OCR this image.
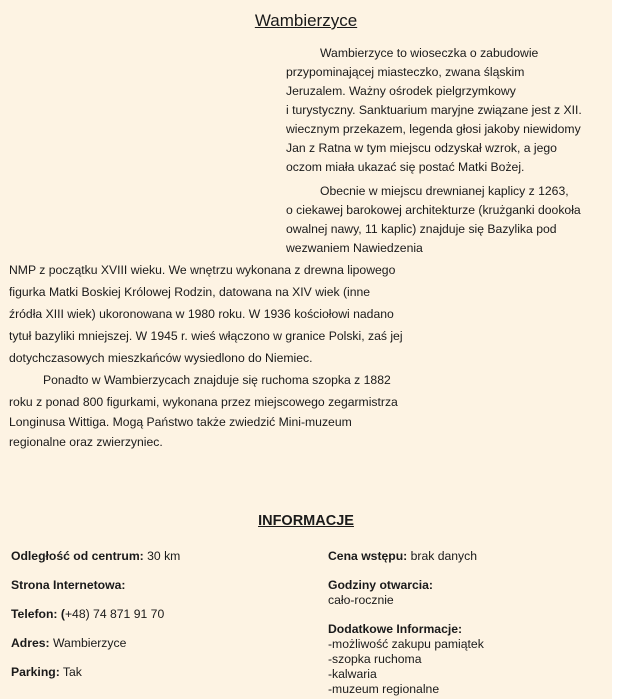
Wambierzyce
Wambierzyce to wioseczka o zabudowie
przypominającej miasteczko, zwana śląskim
Jeruzalem. Ważny ośrodek pielgrzymkowy
i turystyczny. Sanktuarium maryjne związane jest z XII.
wiecznym przekazem, legenda głosi jakoby niewidomy
Jan z Ratna w tym miejscu odzyskał wzrok, a jego
oczom miała ukazać się postać Matki Bożej.
Obecnie w miejscu drewnianej kaplicy z 1263,
o ciekawej barokowej architekturze (krużganki dookoła
owalnej nawy, 11 kaplic) znajduje się Bazylika pod
wezwaniem Nawiedzenia
NMP z początku XVIII wieku. We wnętrzu wykonana z drewna lipowego
figurka Matki Boskiej Królowej Rodzin, datowana na XIV wiek (inne
źródła XIII wiek) ukoronowana w 1980 roku. W 1936 kościołowi nadano
tytuł bazyliki mniejszej. W 1945 r. wieś włączono w granice Polski, zaś jej
dotychczasowych mieszkańców wysiedlono do Niemiec.
Ponadto w Wambierzycach znajduje się ruchoma szopka z 1882
roku z ponad 800 figurkami, wykonana przez miejscowego zegarmistrza
Longinusa Wittiga. Mogą Państwo także zwiedzić Mini-muzeum
regionalne oraz zwierzyniec.
INFORMACJE
Odległość od centrum: 30 km
Strona Internetowa:
Telefon: (+48) 74 871 91 70
Adres: Wambierzyce
Parking: Tak
Cena wstępu: brak danych
Godziny otwarcia:
cało-rocznie
Dodatkowe Informacje:
-możliwość zakupu pamiątek
-szopka ruchoma
-kalwaria
-muzeum regionalne
